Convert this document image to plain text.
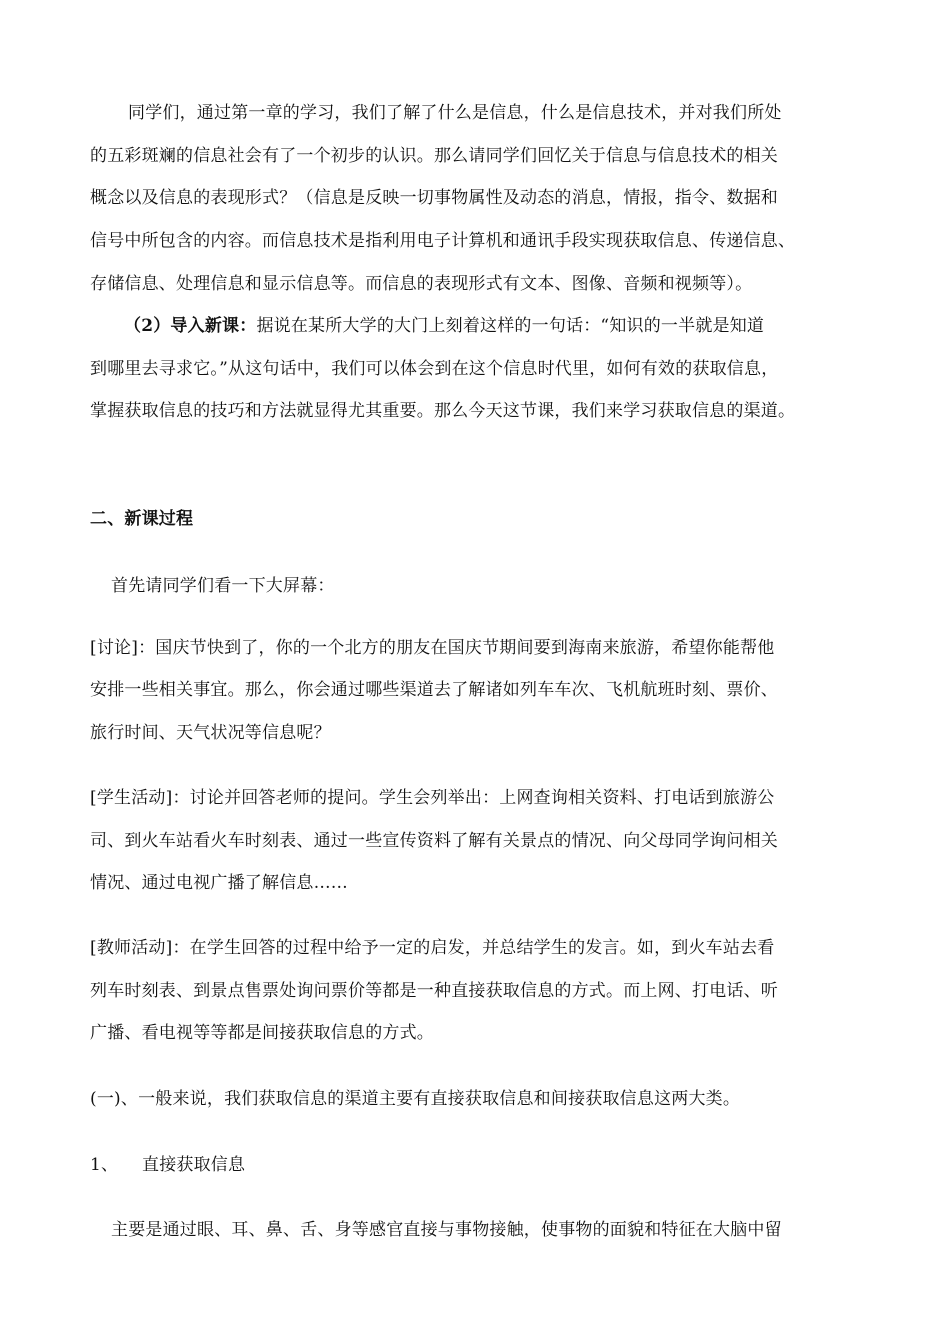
同学们，通过第一章的学习，我们了解了什么是信息，什么是信息技术，并对我们所处
的五彩斑斓的信息社会有了一个初步的认识。那么请同学们回忆关于信息与信息技术的相关
概念以及信息的表现形式？（信息是反映一切事物属性及动态的消息，情报，指令、数据和
信号中所包含的内容。而信息技术是指利用电子计算机和通讯手段实现获取信息、传递信息、
存储信息、处理信息和显示信息等。而信息的表现形式有文本、图像、音频和视频等）。
（2）导入新课：据说在某所大学的大门上刻着这样的一句话：“知识的一半就是知道
到哪里去寻求它。”从这句话中，我们可以体会到在这个信息时代里，如何有效的获取信息，
掌握获取信息的技巧和方法就显得尤其重要。那么今天这节课，我们来学习获取信息的渠道。
二、新课过程
首先请同学们看一下大屏幕：
[讨论]：国庆节快到了，你的一个北方的朋友在国庆节期间要到海南来旅游，希望你能帮他
安排一些相关事宜。那么，你会通过哪些渠道去了解诸如列车车次、飞机航班时刻、票价、
旅行时间、天气状况等信息呢？
[学生活动]：讨论并回答老师的提问。学生会列举出：上网查询相关资料、打电话到旅游公
司、到火车站看火车时刻表、通过一些宣传资料了解有关景点的情况、向父母同学询问相关
情况、通过电视广播了解信息……
[教师活动]：在学生回答的过程中给予一定的启发，并总结学生的发言。如，到火车站去看
列车时刻表、到景点售票处询问票价等都是一种直接获取信息的方式。而上网、打电话、听
广播、看电视等等都是间接获取信息的方式。
(一)、一般来说，我们获取信息的渠道主要有直接获取信息和间接获取信息这两大类。
1、 直接获取信息
主要是通过眼、耳、鼻、舌、身等感官直接与事物接触，使事物的面貌和特征在大脑中留
